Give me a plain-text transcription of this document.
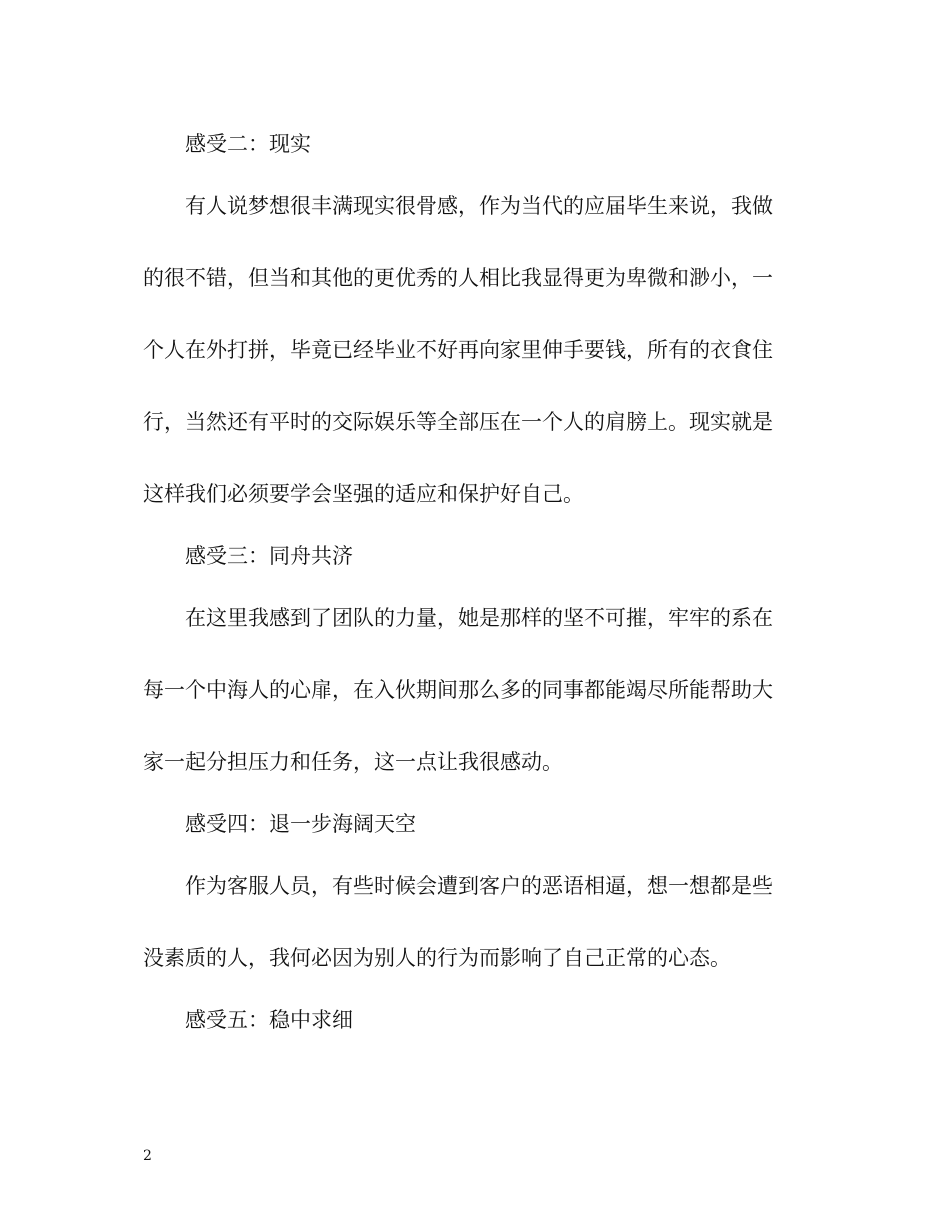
感受二：现实
有人说梦想很丰满现实很骨感，作为当代的应届毕生来说，我做
的很不错，但当和其他的更优秀的人相比我显得更为卑微和渺小，一
个人在外打拼，毕竟已经毕业不好再向家里伸手要钱，所有的衣食住
行，当然还有平时的交际娱乐等全部压在一个人的肩膀上。现实就是
这样我们必须要学会坚强的适应和保护好自己。
感受三：同舟共济
在这里我感到了团队的力量，她是那样的坚不可摧，牢牢的系在
每一个中海人的心扉，在入伙期间那么多的同事都能竭尽所能帮助大
家一起分担压力和任务，这一点让我很感动。
感受四：退一步海阔天空
作为客服人员，有些时候会遭到客户的恶语相逼，想一想都是些
没素质的人，我何必因为别人的行为而影响了自己正常的心态。
感受五：稳中求细
2
